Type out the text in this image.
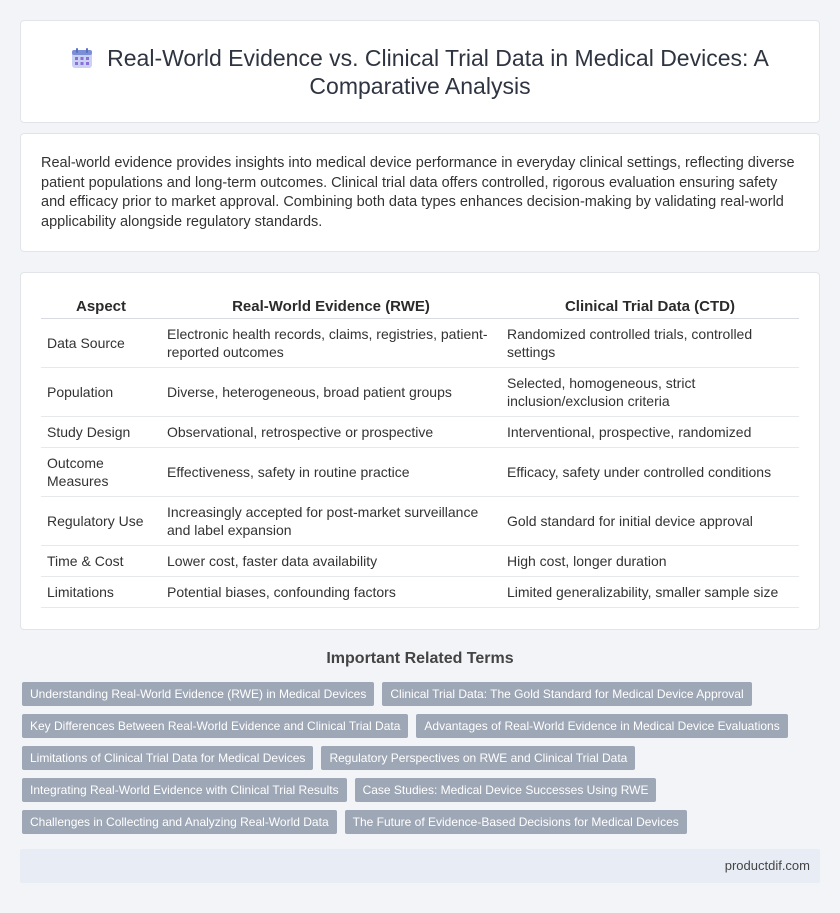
Real-World Evidence vs. Clinical Trial Data in Medical Devices: A Comparative Analysis

Real-world evidence provides insights into medical device performance in everyday clinical settings, reflecting diverse patient populations and long-term outcomes. Clinical trial data offers controlled, rigorous evaluation ensuring safety and efficacy prior to market approval. Combining both data types enhances decision-making by validating real-world applicability alongside regulatory standards.

Aspect	Real-World Evidence (RWE)	Clinical Trial Data (CTD)
Data Source	Electronic health records, claims, registries, patient-reported outcomes	Randomized controlled trials, controlled settings
Population	Diverse, heterogeneous, broad patient groups	Selected, homogeneous, strict inclusion/exclusion criteria
Study Design	Observational, retrospective or prospective	Interventional, prospective, randomized
Outcome Measures	Effectiveness, safety in routine practice	Efficacy, safety under controlled conditions
Regulatory Use	Increasingly accepted for post-market surveillance and label expansion	Gold standard for initial device approval
Time & Cost	Lower cost, faster data availability	High cost, longer duration
Limitations	Potential biases, confounding factors	Limited generalizability, smaller sample size
Important Related Terms
Understanding Real-World Evidence (RWE) in Medical Devices	Clinical Trial Data: The Gold Standard for Medical Device Approval
Key Differences Between Real-World Evidence and Clinical Trial Data	Advantages of Real-World Evidence in Medical Device Evaluations
Limitations of Clinical Trial Data for Medical Devices	Regulatory Perspectives on RWE and Clinical Trial Data
Integrating Real-World Evidence with Clinical Trial Results	Case Studies: Medical Device Successes Using RWE
Challenges in Collecting and Analyzing Real-World Data	The Future of Evidence-Based Decisions for Medical Devices
productdif.com
